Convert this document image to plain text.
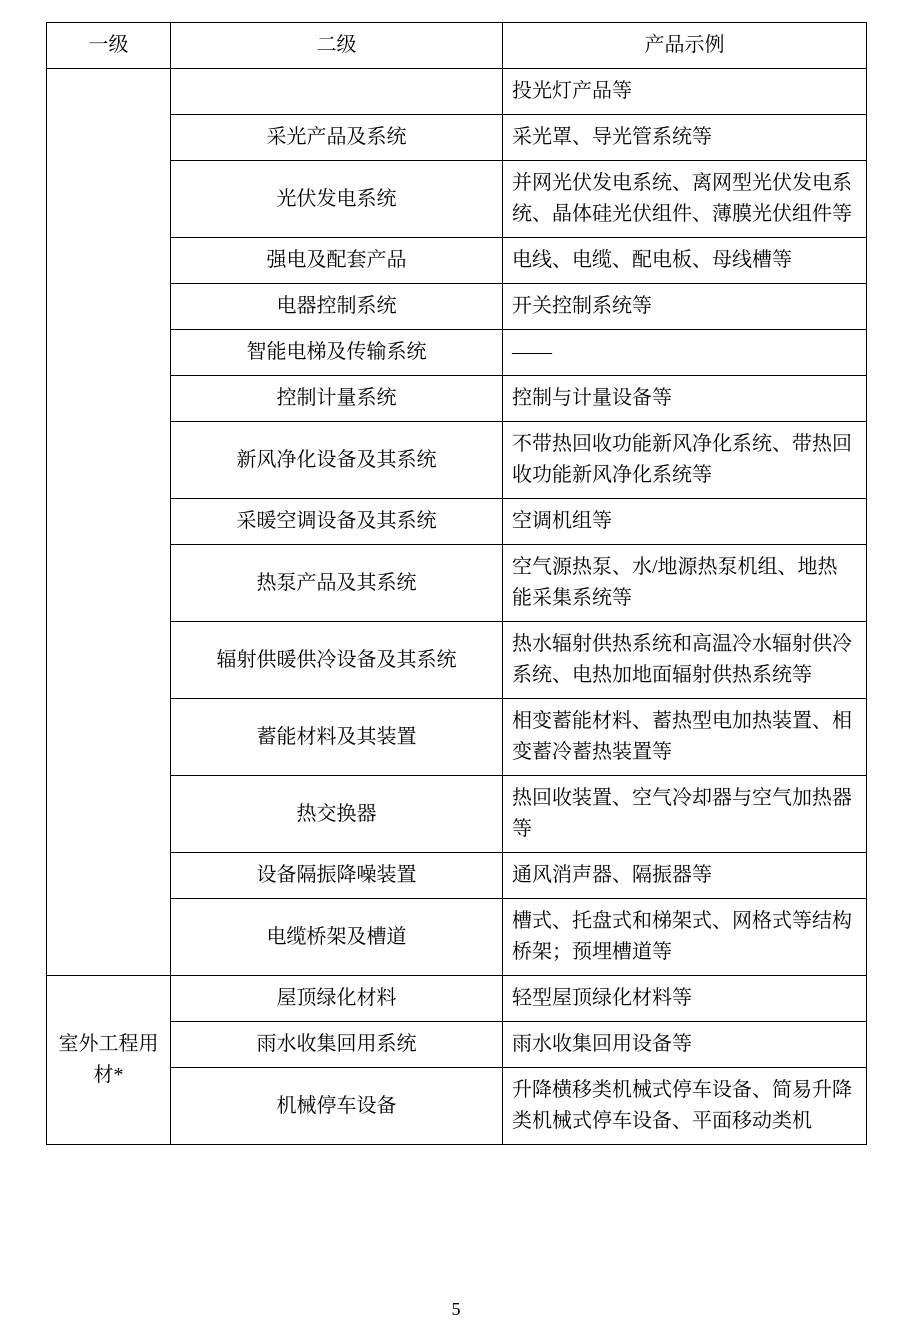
一级	二级	产品示例
		投光灯产品等
	采光产品及系统	采光罩、导光管系统等
	光伏发电系统	并网光伏发电系统、离网型光伏发电系统、晶体硅光伏组件、薄膜光伏组件等
	强电及配套产品	电线、电缆、配电板、母线槽等
	电器控制系统	开关控制系统等
	智能电梯及传输系统	——
	控制计量系统	控制与计量设备等
	新风净化设备及其系统	不带热回收功能新风净化系统、带热回收功能新风净化系统等
	采暖空调设备及其系统	空调机组等
	热泵产品及其系统	空气源热泵、水/地源热泵机组、地热能采集系统等
	辐射供暖供冷设备及其系统	热水辐射供热系统和高温冷水辐射供冷系统、电热加地面辐射供热系统等
	蓄能材料及其装置	相变蓄能材料、蓄热型电加热装置、相变蓄冷蓄热装置等
	热交换器	热回收装置、空气冷却器与空气加热器等
	设备隔振降噪装置	通风消声器、隔振器等
	电缆桥架及槽道	槽式、托盘式和梯架式、网格式等结构桥架；预埋槽道等
室外工程用材*	屋顶绿化材料	轻型屋顶绿化材料等
	雨水收集回用系统	雨水收集回用设备等
	机械停车设备	升降横移类机械式停车设备、简易升降类机械式停车设备、平面移动类机
5
